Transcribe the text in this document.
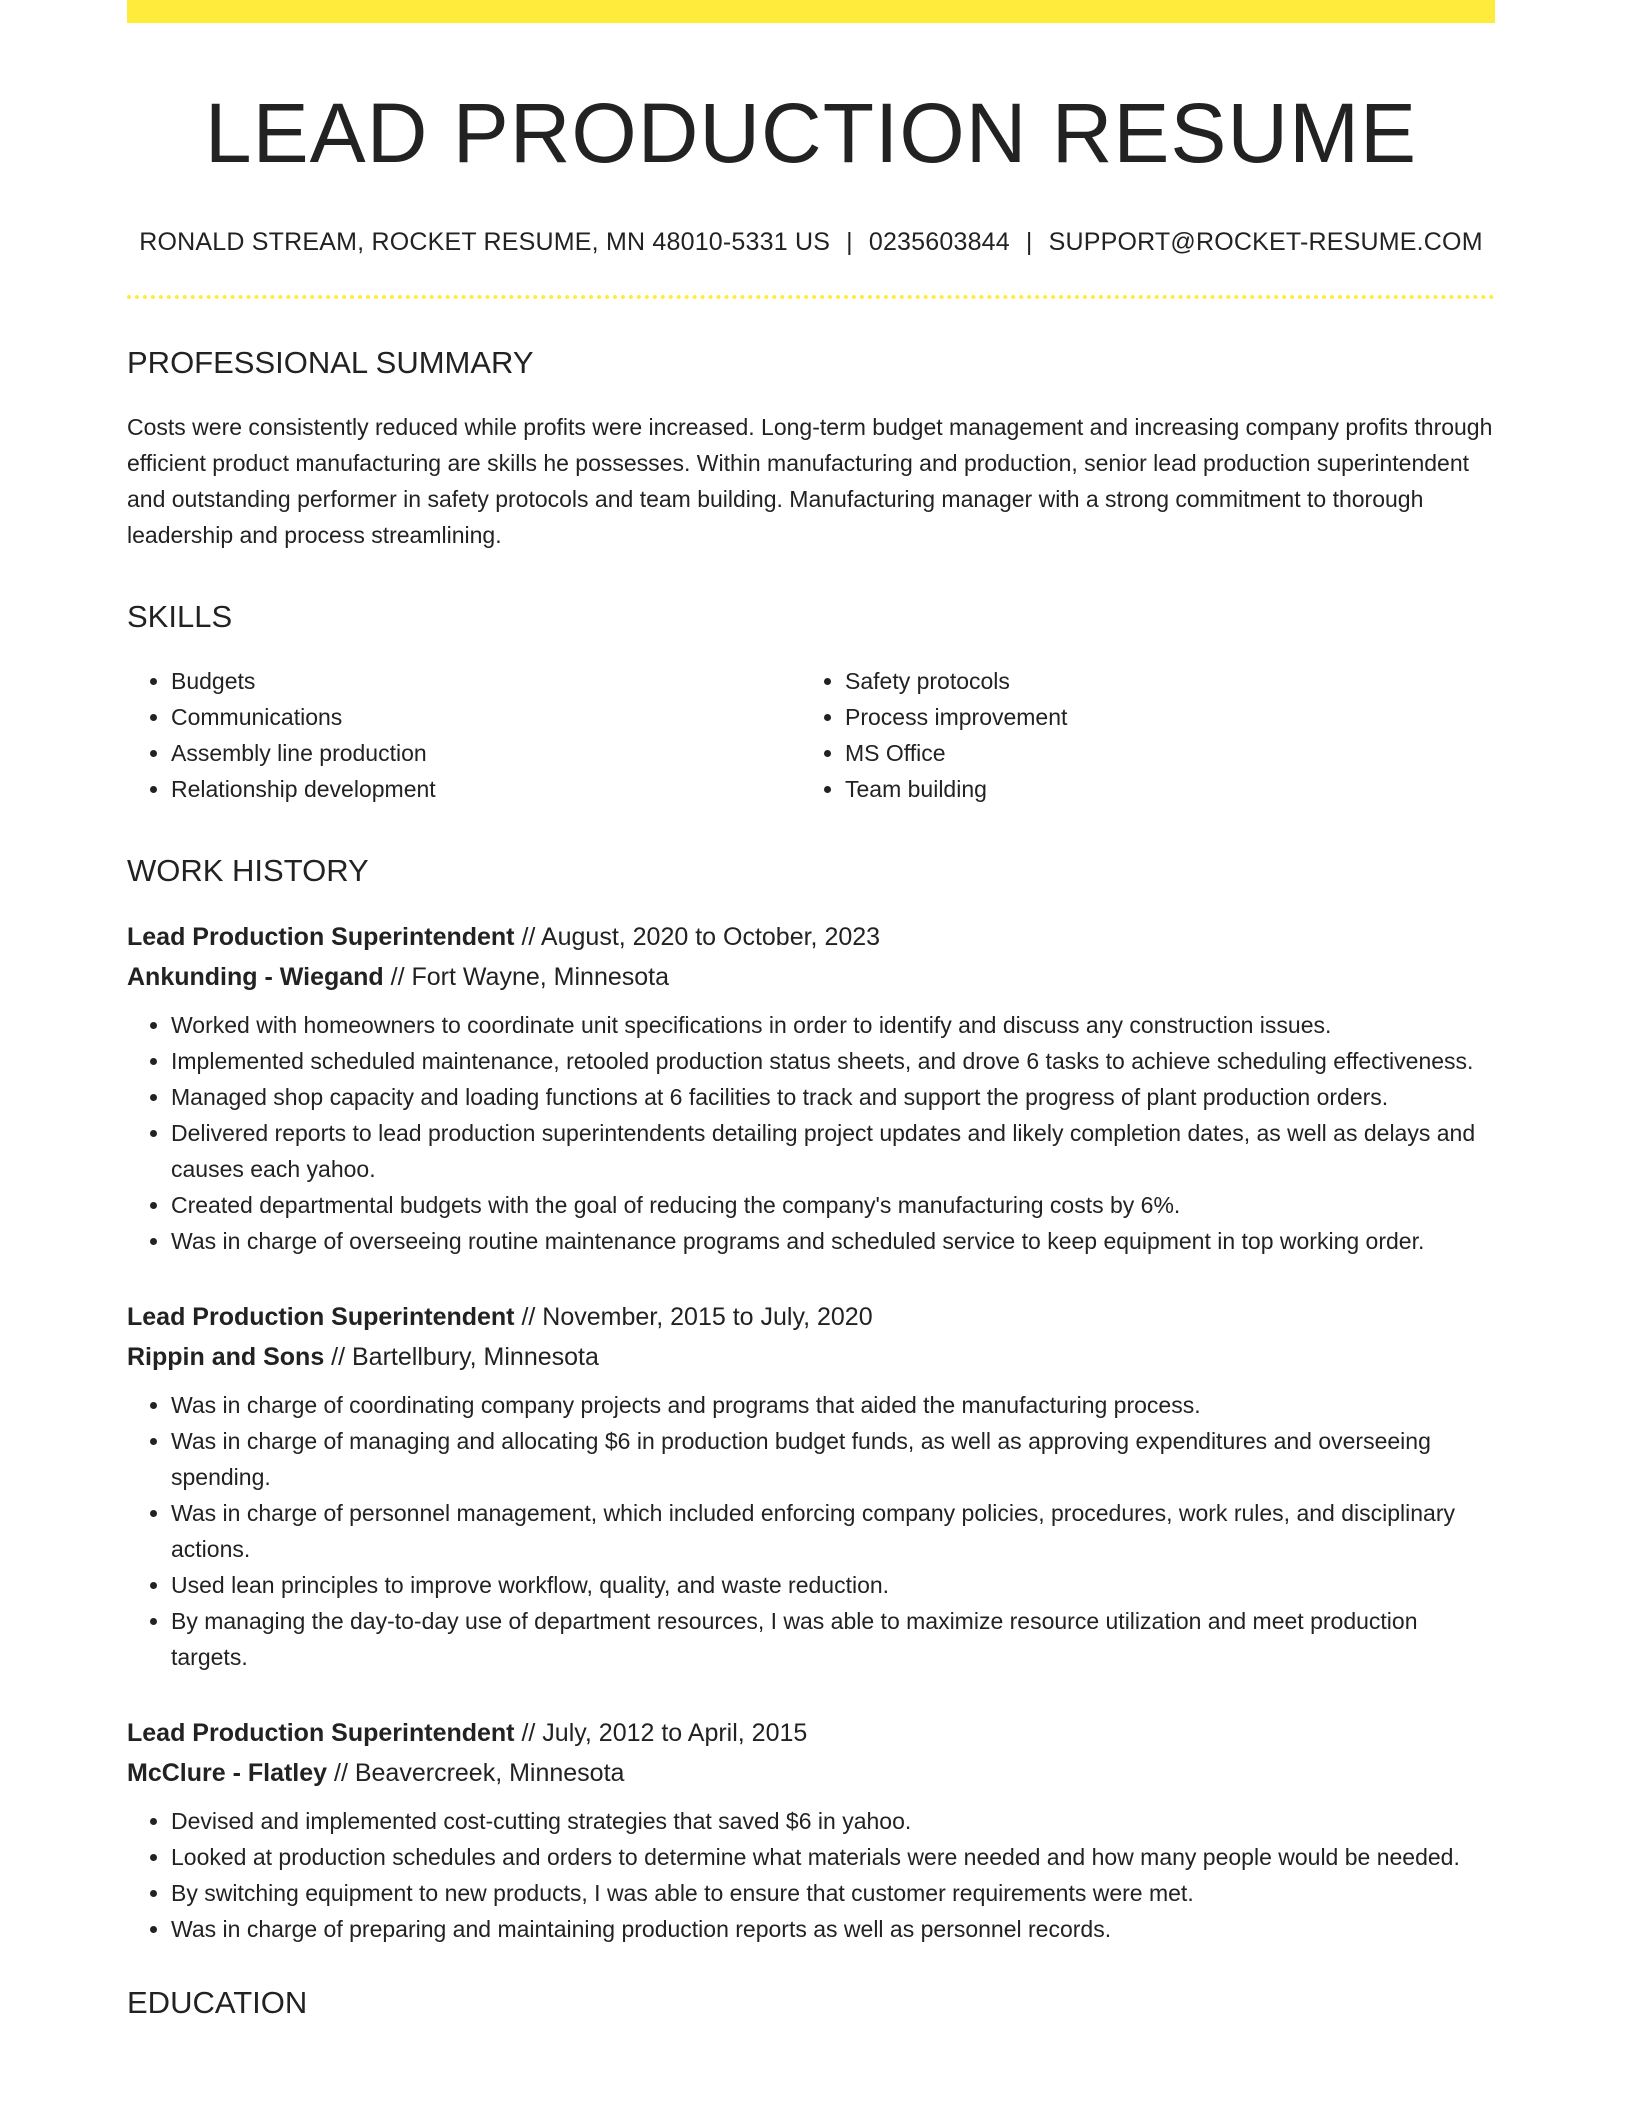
LEAD PRODUCTION RESUME
RONALD STREAM, ROCKET RESUME, MN 48010-5331 US | 0235603844 | SUPPORT@ROCKET-RESUME.COM
PROFESSIONAL SUMMARY

Costs were consistently reduced while profits were increased. Long-term budget management and increasing company profits through efficient product manufacturing are skills he possesses. Within manufacturing and production, senior lead production superintendent and outstanding performer in safety protocols and team building. Manufacturing manager with a strong commitment to thorough leadership and process streamlining.

SKILLS
• Budgets
• Communications
• Assembly line production
• Relationship development
• Safety protocols
• Process improvement
• MS Office
• Team building
WORK HISTORY
Lead Production Superintendent // August, 2020 to October, 2023
Ankunding - Wiegand // Fort Wayne, Minnesota
• Worked with homeowners to coordinate unit specifications in order to identify and discuss any construction issues.
• Implemented scheduled maintenance, retooled production status sheets, and drove 6 tasks to achieve scheduling effectiveness.
• Managed shop capacity and loading functions at 6 facilities to track and support the progress of plant production orders.
• Delivered reports to lead production superintendents detailing project updates and likely completion dates, as well as delays and causes each yahoo.
• Created departmental budgets with the goal of reducing the company's manufacturing costs by 6%.
• Was in charge of overseeing routine maintenance programs and scheduled service to keep equipment in top working order.
Lead Production Superintendent // November, 2015 to July, 2020
Rippin and Sons // Bartellbury, Minnesota
• Was in charge of coordinating company projects and programs that aided the manufacturing process.
• Was in charge of managing and allocating $6 in production budget funds, as well as approving expenditures and overseeing spending.
• Was in charge of personnel management, which included enforcing company policies, procedures, work rules, and disciplinary actions.
• Used lean principles to improve workflow, quality, and waste reduction.
• By managing the day-to-day use of department resources, I was able to maximize resource utilization and meet production targets.
Lead Production Superintendent // July, 2012 to April, 2015
McClure - Flatley // Beavercreek, Minnesota
• Devised and implemented cost-cutting strategies that saved $6 in yahoo.
• Looked at production schedules and orders to determine what materials were needed and how many people would be needed.
• By switching equipment to new products, I was able to ensure that customer requirements were met.
• Was in charge of preparing and maintaining production reports as well as personnel records.
EDUCATION
